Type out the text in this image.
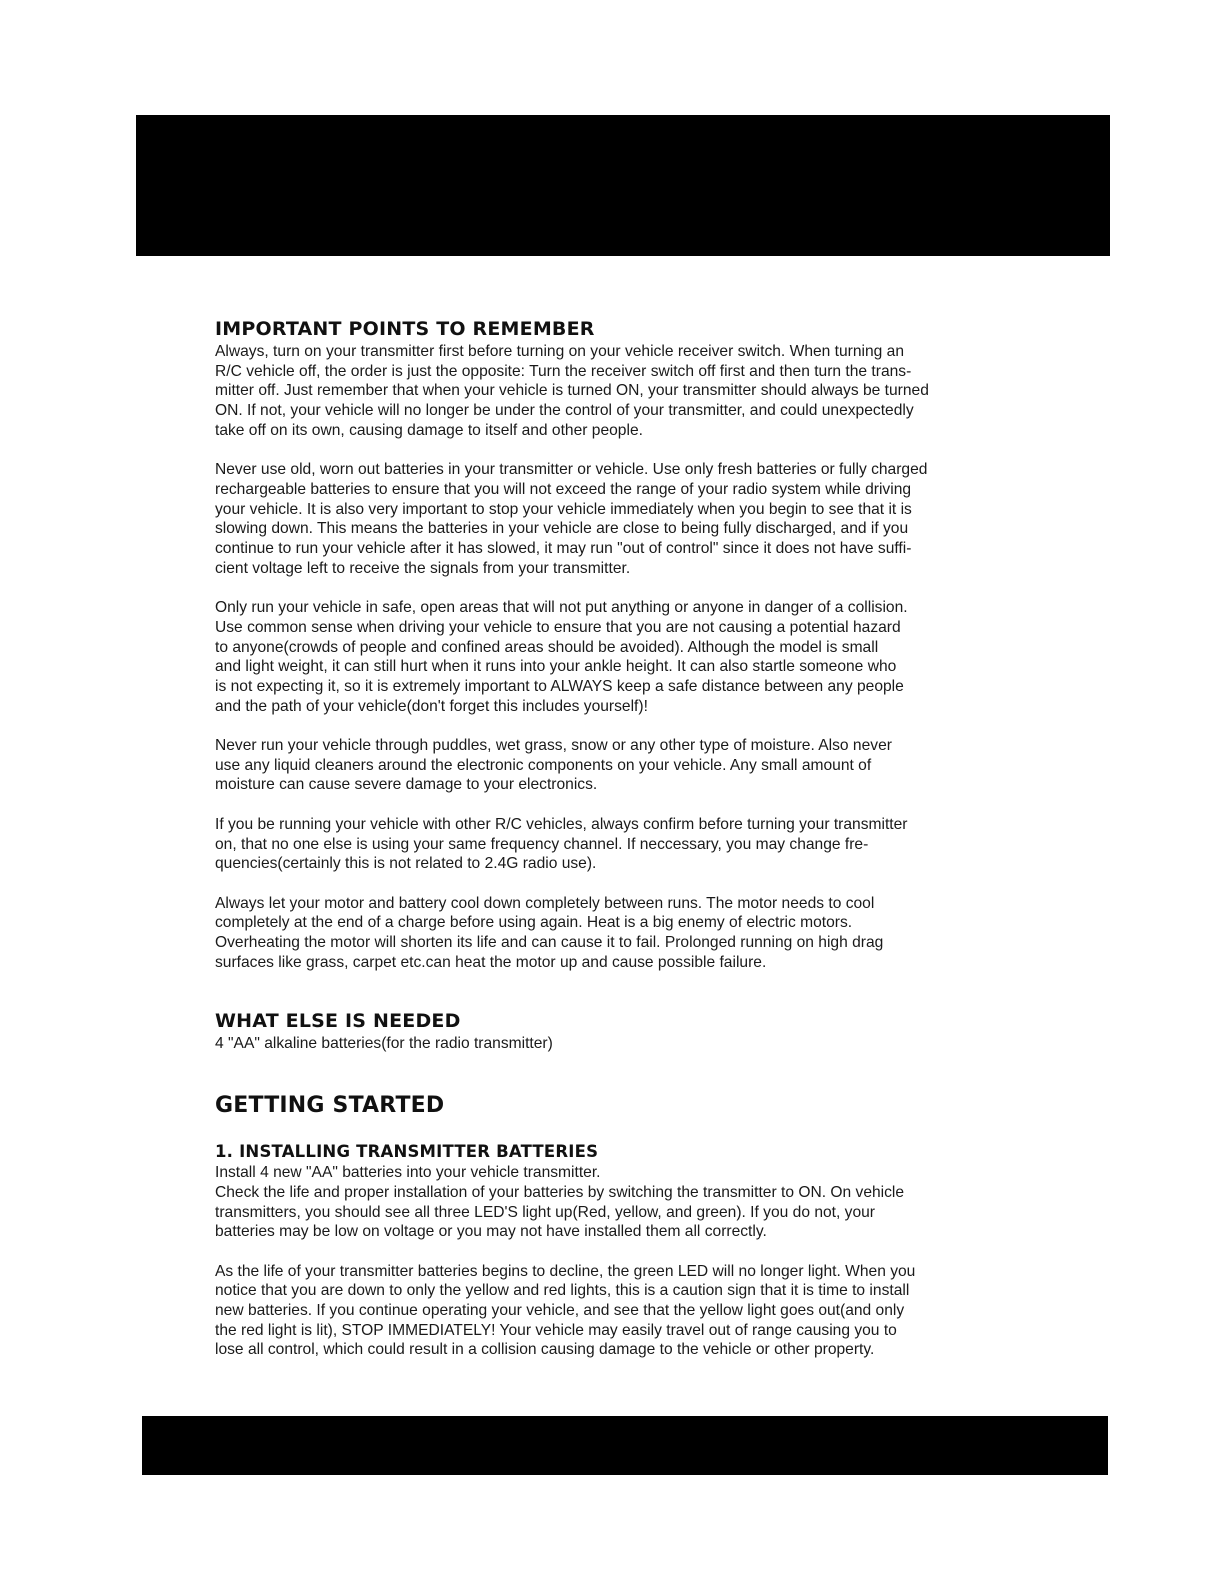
IMPORTANT POINTS TO REMEMBER

Always, turn on your transmitter first before turning on your vehicle receiver switch. When turning an
R/C vehicle off, the order is just the opposite: Turn the receiver switch off first and then turn the trans-
mitter off. Just remember that when your vehicle is turned ON, your transmitter should always be turned
ON. If not, your vehicle will no longer be under the control of your transmitter, and could unexpectedly
take off on its own, causing damage to itself and other people.

Never use old, worn out batteries in your transmitter or vehicle. Use only fresh batteries or fully charged
rechargeable batteries to ensure that you will not exceed the range of your radio system while driving
your vehicle. It is also very important to stop your vehicle immediately when you begin to see that it is
slowing down. This means the batteries in your vehicle are close to being fully discharged, and if you
continue to run your vehicle after it has slowed, it may run "out of control" since it does not have suffi-
cient voltage left to receive the signals from your transmitter.

Only run your vehicle in safe, open areas that will not put anything or anyone in danger of a collision.
Use common sense when driving your vehicle to ensure that you are not causing a potential hazard
to anyone(crowds of people and confined areas should be avoided). Although the model is small
and light weight, it can still hurt when it runs into your ankle height. It can also startle someone who
is not expecting it, so it is extremely important to ALWAYS keep a safe distance between any people
and the path of your vehicle(don't forget this includes yourself)!

Never run your vehicle through puddles, wet grass, snow or any other type of moisture. Also never
use any liquid cleaners around the electronic components on your vehicle. Any small amount of
moisture can cause severe damage to your electronics.

If you be running your vehicle with other R/C vehicles, always confirm before turning your transmitter
on, that no one else is using your same frequency channel. If neccessary, you may change fre-
quencies(certainly this is not related to 2.4G radio use).

Always let your motor and battery cool down completely between runs. The motor needs to cool
completely at the end of a charge before using again. Heat is a big enemy of electric motors.
Overheating the motor will shorten its life and can cause it to fail. Prolonged running on high drag
surfaces like grass, carpet etc.can heat the motor up and cause possible failure.

WHAT ELSE IS NEEDED

4 "AA" alkaline batteries(for the radio transmitter)

GETTING STARTED
1. INSTALLING TRANSMITTER BATTERIES

Install 4 new "AA" batteries into your vehicle transmitter.
Check the life and proper installation of your batteries by switching the transmitter to ON. On vehicle
transmitters, you should see all three LED'S light up(Red, yellow, and green). If you do not, your
batteries may be low on voltage or you may not have installed them all correctly.

As the life of your transmitter batteries begins to decline, the green LED will no longer light. When you
notice that you are down to only the yellow and red lights, this is a caution sign that it is time to install
new batteries. If you continue operating your vehicle, and see that the yellow light goes out(and only
the red light is lit), STOP IMMEDIATELY! Your vehicle may easily travel out of range causing you to
lose all control, which could result in a collision causing damage to the vehicle or other property.
